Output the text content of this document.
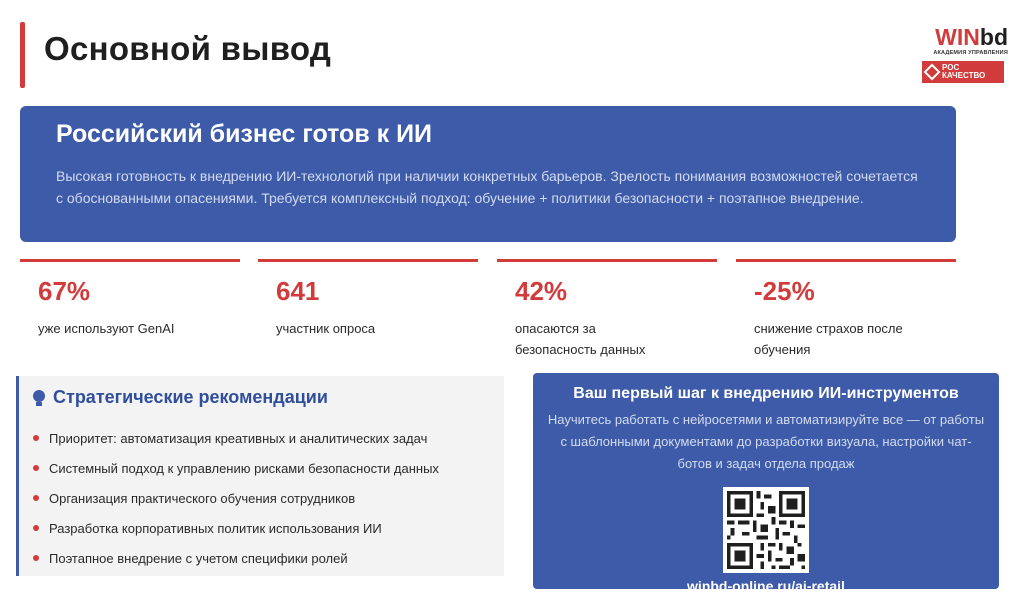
Основной вывод	WINbd
АКАДЕМИЯ УПРАВЛЕНИЯ
РОС
КАЧЕСТВО
Российский бизнес готов к ИИ

Высокая готовность к внедрению ИИ-технологий при наличии конкретных барьеров. Зрелость понимания возможностей сочетается с обоснованными опасениями. Требуется комплексный подход: обучение + политики безопасности + поэтапное внедрение.

67%
уже используют GenAI
641
участник опроса
42%
опасаются за безопасность данных
-25%
снижение страхов после обучения
Стратегические рекомендации
Приоритет: автоматизация креативных и аналитических задач
Системный подход к управлению рисками безопасности данных
Организация практического обучения сотрудников
Разработка корпоративных политик использования ИИ
Поэтапное внедрение с учетом специфики ролей
Ваш первый шаг к внедрению ИИ-инструментов

Научитесь работать с нейросетями и автоматизируйте все — от работы с шаблонными документами до разработки визуала, настройки чат-ботов и задач отдела продаж

winbd-online.ru/ai-retail
